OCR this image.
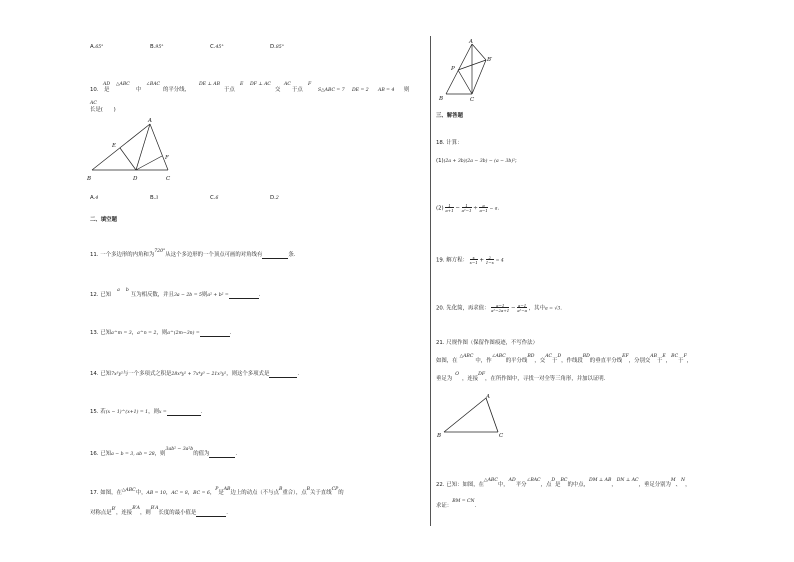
A.65°	B.95°	C.45°	D.85°
10.
AD
是
△ABC
中
∠BAC
的平分线,
DE ⊥ AB
于点
E DF ⊥ AC
交
AC
于点
F
S△ABC = 7 DE = 2 AB = 4 则
AC
长是(　　)
A
B	C
D
E
F
A.4	B.3	C.6	D.2
二、填空题
11. 一个多边形的内角和为720°从这个多边形的一个顶点可画的对角线有	条.
12. 已知a b互为相反数，并且3a − 2b = 5则a² + b² =	.
13. 已知a^m = 3，a^n = 2，则a^(2m−3n) =	.
14. 已知7x³y²与一个多项式之积是28x⁴y² + 7x⁴y³ − 21x³y²，则这个多项式是	.
15. 若(x − 1)^(x+1) = 1，则x =	.
16. 已知a − b = 3, ab = 28，则3ab² − 3a²b的值为	.
17. 如图，在△ABC中，AB = 10，AC = 8，BC = 6，P是AB边上的动点（不与点B重合），点B关于直线CP的
对称点是B′，连接B′A，则B′A长度的最小值是	.
A
B	C
P
B′
三、解答题
18. 计算：
(1)(2a + 3b)(2a − 3b) − (a − 3b)²;
$(2) \frac{1}{a+1} - \frac{1}{\text{a²−1}} \div \frac{a}{a-1} - a$.
19. 解方程： $\frac{x}{x-1} + \frac{2}{1-x} = 4$
20. 先化简，再求值： $\frac{a-1}{\text{a²−2a+1}} - \frac{a-1}{\text{a²−a}}$ ，其中a = √3.
21. 尺规作图（保留作图痕迹，不写作法）
如图，在△ABC中，作∠ABC的平分线BD，交AC于D，作线段BD的垂直平分线EF，分别交AB于E，BC于F，
垂足为O，连接DF，在所作图中，寻找一对全等三角形，并加以证明.
A
B	C
22. 已知：如图，在△ABC中，AD平分∠BAC，点D是BC的中点，DM ⊥ AB，DN ⊥ AC，垂足分别为M、N，
求证：BM = CN.
